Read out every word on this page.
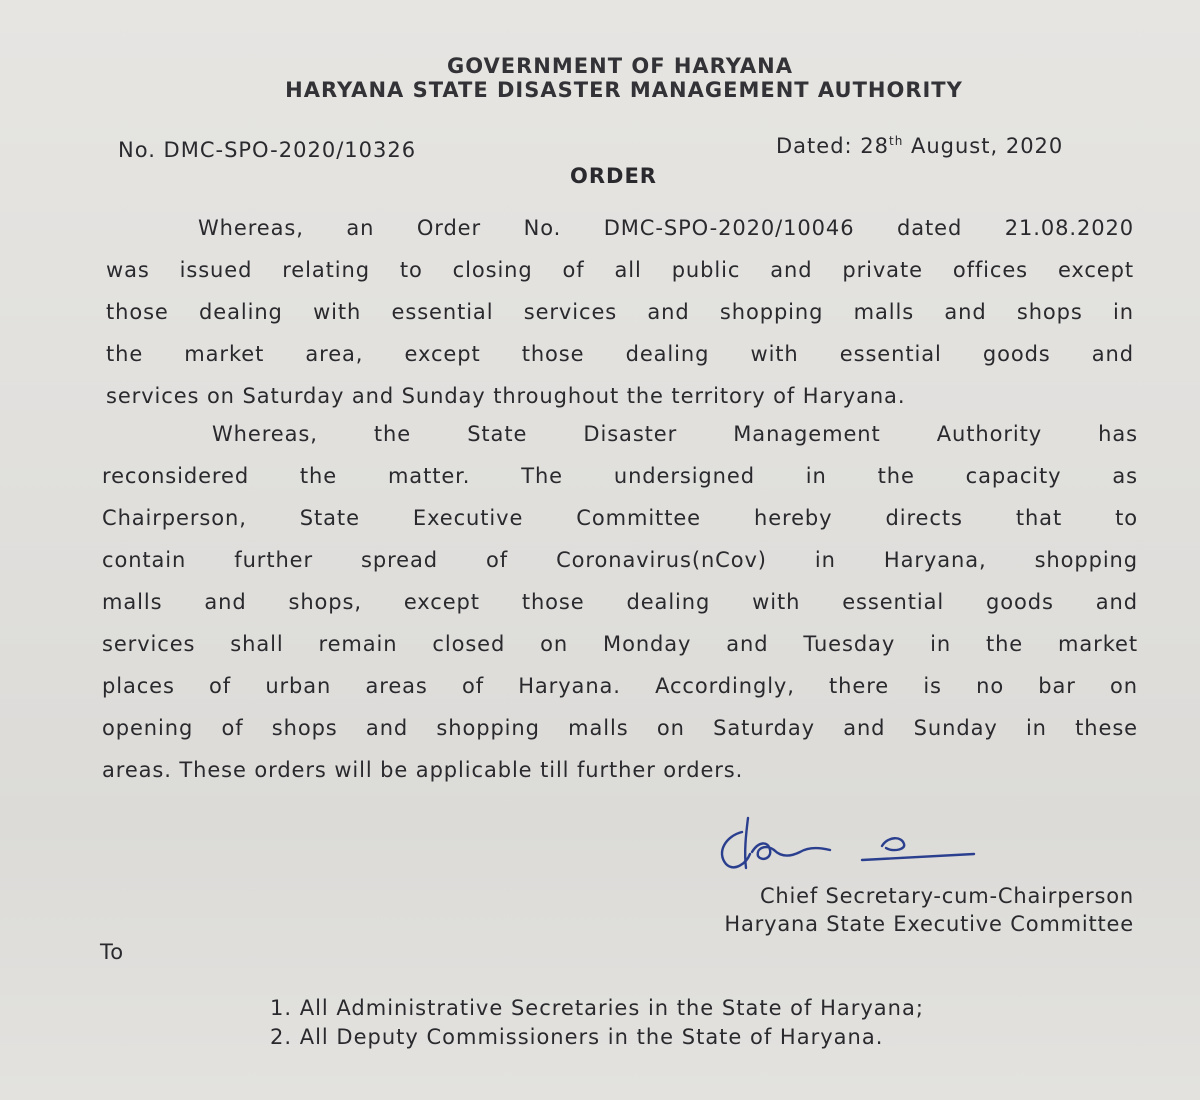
GOVERNMENT OF HARYANA
HARYANA STATE DISASTER MANAGEMENT AUTHORITY
No. DMC-SPO-2020/10326	Dated: 28th August, 2020
ORDER
Whereas, an Order No. DMC-SPO-2020/10046 dated 21.08.2020
was issued relating to closing of all public and private offices except
those dealing with essential services and shopping malls and shops in
the market area, except those dealing with essential goods and
services on Saturday and Sunday throughout the territory of Haryana.
Whereas, the State Disaster Management Authority has
reconsidered the matter. The undersigned in the capacity as
Chairperson, State Executive Committee hereby directs that to
contain further spread of Coronavirus(nCov) in Haryana, shopping
malls and shops, except those dealing with essential goods and
services shall remain closed on Monday and Tuesday in the market
places of urban areas of Haryana. Accordingly, there is no bar on
opening of shops and shopping malls on Saturday and Sunday in these
areas. These orders will be applicable till further orders.
Chief Secretary-cum-Chairperson
Haryana State Executive Committee
To
1. All Administrative Secretaries in the State of Haryana;
2. All Deputy Commissioners in the State of Haryana.
